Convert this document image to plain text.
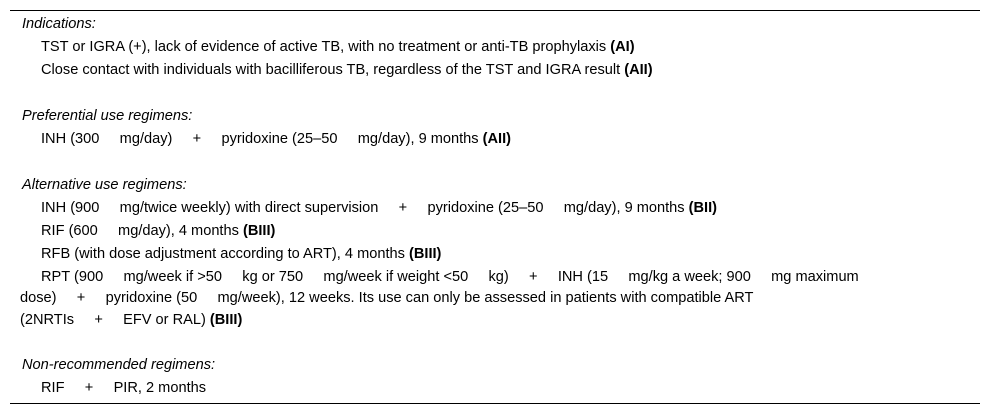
Indications:
TST or IGRA (+), lack of evidence of active TB, with no treatment or anti-TB prophylaxis (AI)
Close contact with individuals with bacilliferous TB, regardless of the TST and IGRA result (AII)
Preferential use regimens:
INH (300     mg/day)     +     pyridoxine (25–50     mg/day), 9 months (AII)
Alternative use regimens:
INH (900     mg/twice weekly) with direct supervision     +     pyridoxine (25–50     mg/day), 9 months (BII)
RIF (600     mg/day), 4 months (BIII)
RFB (with dose adjustment according to ART), 4 months (BIII)
RPT (900     mg/week if >50     kg or 750     mg/week if weight <50     kg)     +     INH (15     mg/kg a week; 900     mg maximum
dose)     +     pyridoxine (50     mg/week), 12 weeks. Its use can only be assessed in patients with compatible ART
(2NRTIs     +     EFV or RAL) (BIII)
Non-recommended regimens:
RIF     +     PIR, 2 months
